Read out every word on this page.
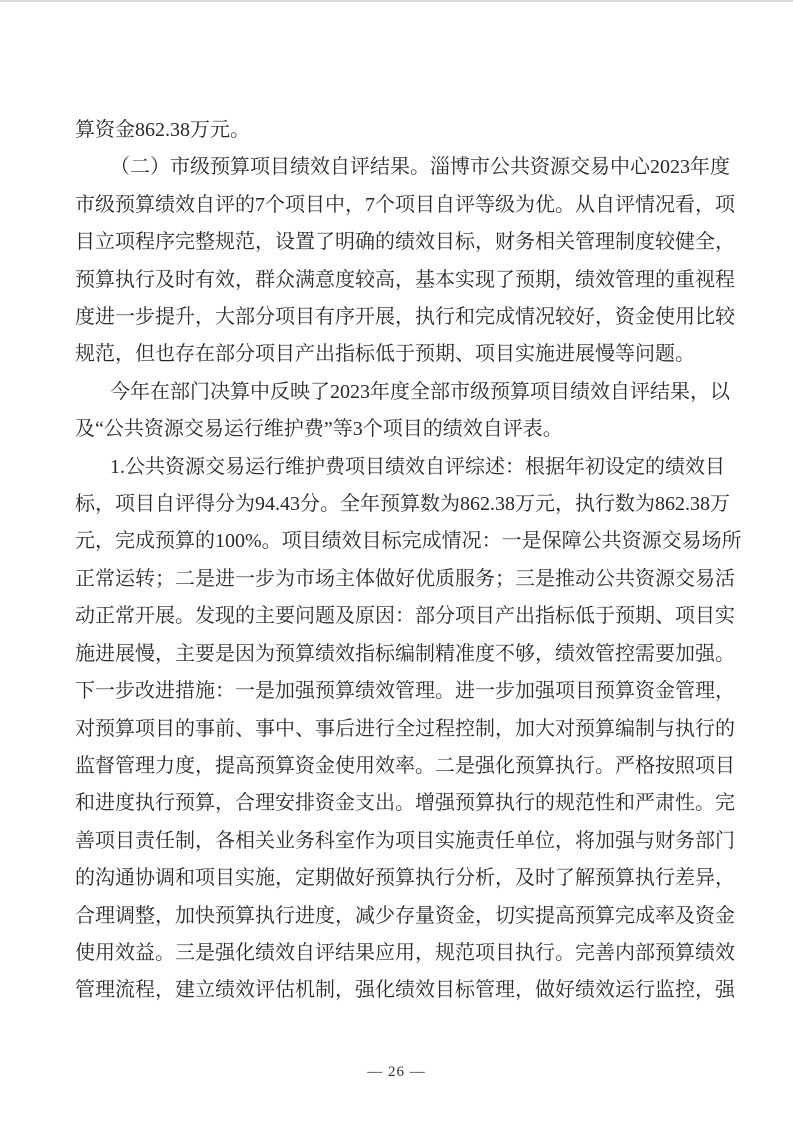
算资金862.38万元。

（二）市级预算项目绩效自评结果。淄博市公共资源交易中心2023年度

市级预算绩效自评的7个项目中，7个项目自评等级为优。从自评情况看，项

目立项程序完整规范，设置了明确的绩效目标，财务相关管理制度较健全，

预算执行及时有效，群众满意度较高，基本实现了预期，绩效管理的重视程

度进一步提升，大部分项目有序开展，执行和完成情况较好，资金使用比较

规范，但也存在部分项目产出指标低于预期、项目实施进展慢等问题。

今年在部门决算中反映了2023年度全部市级预算项目绩效自评结果，以

及“公共资源交易运行维护费”等3个项目的绩效自评表。

1.公共资源交易运行维护费项目绩效自评综述：根据年初设定的绩效目

标，项目自评得分为94.43分。全年预算数为862.38万元，执行数为862.38万

元，完成预算的100%。项目绩效目标完成情况：一是保障公共资源交易场所

正常运转；二是进一步为市场主体做好优质服务；三是推动公共资源交易活

动正常开展。发现的主要问题及原因：部分项目产出指标低于预期、项目实

施进展慢，主要是因为预算绩效指标编制精准度不够，绩效管控需要加强。

下一步改进措施：一是加强预算绩效管理。进一步加强项目预算资金管理，

对预算项目的事前、事中、事后进行全过程控制，加大对预算编制与执行的

监督管理力度，提高预算资金使用效率。二是强化预算执行。严格按照项目

和进度执行预算，合理安排资金支出。增强预算执行的规范性和严肃性。完

善项目责任制，各相关业务科室作为项目实施责任单位，将加强与财务部门

的沟通协调和项目实施，定期做好预算执行分析，及时了解预算执行差异，

合理调整，加快预算执行进度，减少存量资金，切实提高预算完成率及资金

使用效益。三是强化绩效自评结果应用，规范项目执行。完善内部预算绩效

管理流程，建立绩效评估机制，强化绩效目标管理，做好绩效运行监控，强

— 26 —
